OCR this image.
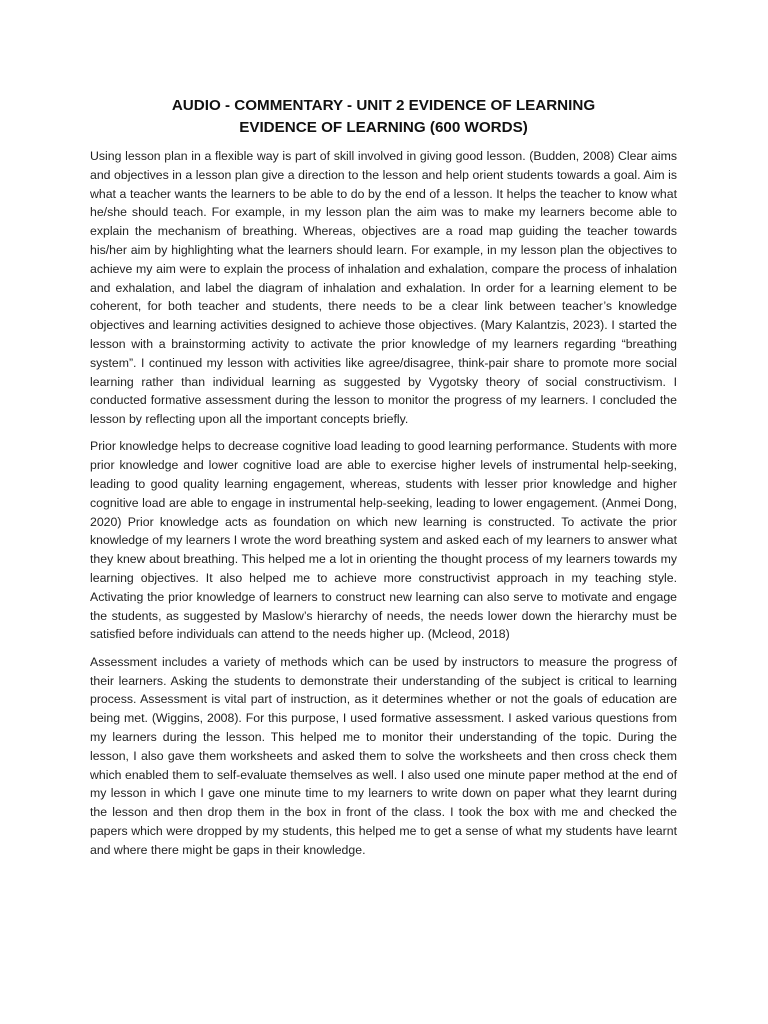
AUDIO - COMMENTARY - UNIT 2 EVIDENCE OF LEARNING
EVIDENCE OF LEARNING (600 WORDS)

Using lesson plan in a flexible way is part of skill involved in giving good lesson. (Budden, 2008) Clear aims and objectives in a lesson plan give a direction to the lesson and help orient students towards a goal. Aim is what a teacher wants the learners to be able to do by the end of a lesson. It helps the teacher to know what he/she should teach. For example, in my lesson plan the aim was to make my learners become able to explain the mechanism of breathing. Whereas, objectives are a road map guiding the teacher towards his/her aim by highlighting what the learners should learn. For example, in my lesson plan the objectives to achieve my aim were to explain the process of inhalation and exhalation, compare the process of inhalation and exhalation, and label the diagram of inhalation and exhalation. In order for a learning element to be coherent, for both teacher and students, there needs to be a clear link between teacher’s knowledge objectives and learning activities designed to achieve those objectives. (Mary Kalantzis, 2023). I started the lesson with a brainstorming activity to activate the prior knowledge of my learners regarding “breathing system”. I continued my lesson with activities like agree/disagree, think-pair share to promote more social learning rather than individual learning as suggested by Vygotsky theory of social constructivism. I conducted formative assessment during the lesson to monitor the progress of my learners. I concluded the lesson by reflecting upon all the important concepts briefly.

Prior knowledge helps to decrease cognitive load leading to good learning performance. Students with more prior knowledge and lower cognitive load are able to exercise higher levels of instrumental help-seeking, leading to good quality learning engagement, whereas, students with lesser prior knowledge and higher cognitive load are able to engage in instrumental help-seeking, leading to lower engagement. (Anmei Dong, 2020) Prior knowledge acts as foundation on which new learning is constructed. To activate the prior knowledge of my learners I wrote the word breathing system and asked each of my learners to answer what they knew about breathing. This helped me a lot in orienting the thought process of my learners towards my learning objectives. It also helped me to achieve more constructivist approach in my teaching style. Activating the prior knowledge of learners to construct new learning can also serve to motivate and engage the students, as suggested by Maslow’s hierarchy of needs, the needs lower down the hierarchy must be satisfied before individuals can attend to the needs higher up. (Mcleod, 2018)

Assessment includes a variety of methods which can be used by instructors to measure the progress of their learners. Asking the students to demonstrate their understanding of the subject is critical to learning process. Assessment is vital part of instruction, as it determines whether or not the goals of education are being met. (Wiggins, 2008). For this purpose, I used formative assessment. I asked various questions from my learners during the lesson. This helped me to monitor their understanding of the topic. During the lesson, I also gave them worksheets and asked them to solve the worksheets and then cross check them which enabled them to self-evaluate themselves as well. I also used one minute paper method at the end of my lesson in which I gave one minute time to my learners to write down on paper what they learnt during the lesson and then drop them in the box in front of the class. I took the box with me and checked the papers which were dropped by my students, this helped me to get a sense of what my students have learnt and where there might be gaps in their knowledge.
